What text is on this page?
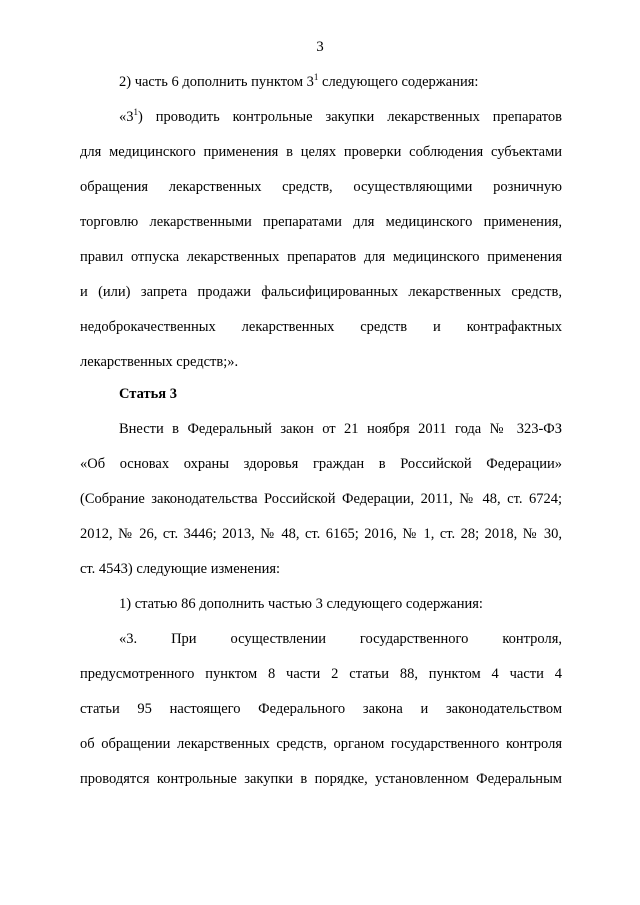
3
2) часть 6 дополнить пунктом $3^1$ следующего содержания:
«$3^1$) проводить контрольные закупки лекарственных препаратов
для медицинского применения в целях проверки соблюдения субъектами
обращения лекарственных средств, осуществляющими розничную
торговлю лекарственными препаратами для медицинского применения,
правил отпуска лекарственных препаратов для медицинского применения
и (или) запрета продажи фальсифицированных лекарственных средств,
недоброкачественных лекарственных средств и контрафактных
лекарственных средств;».
Статья 3
Внести в Федеральный закон от 21 ноября 2011 года № 323-ФЗ
«Об основах охраны здоровья граждан в Российской Федерации»
(Собрание законодательства Российской Федерации, 2011, № 48, ст. 6724;
2012, № 26, ст. 3446; 2013, № 48, ст. 6165; 2016, № 1, ст. 28; 2018, № 30,
ст. 4543) следующие изменения:
1) статью 86 дополнить частью 3 следующего содержания:
«3. При осуществлении государственного контроля,
предусмотренного пунктом 8 части 2 статьи 88, пунктом 4 части 4
статьи 95 настоящего Федерального закона и законодательством
об обращении лекарственных средств, органом государственного контроля
проводятся контрольные закупки в порядке, установленном Федеральным
